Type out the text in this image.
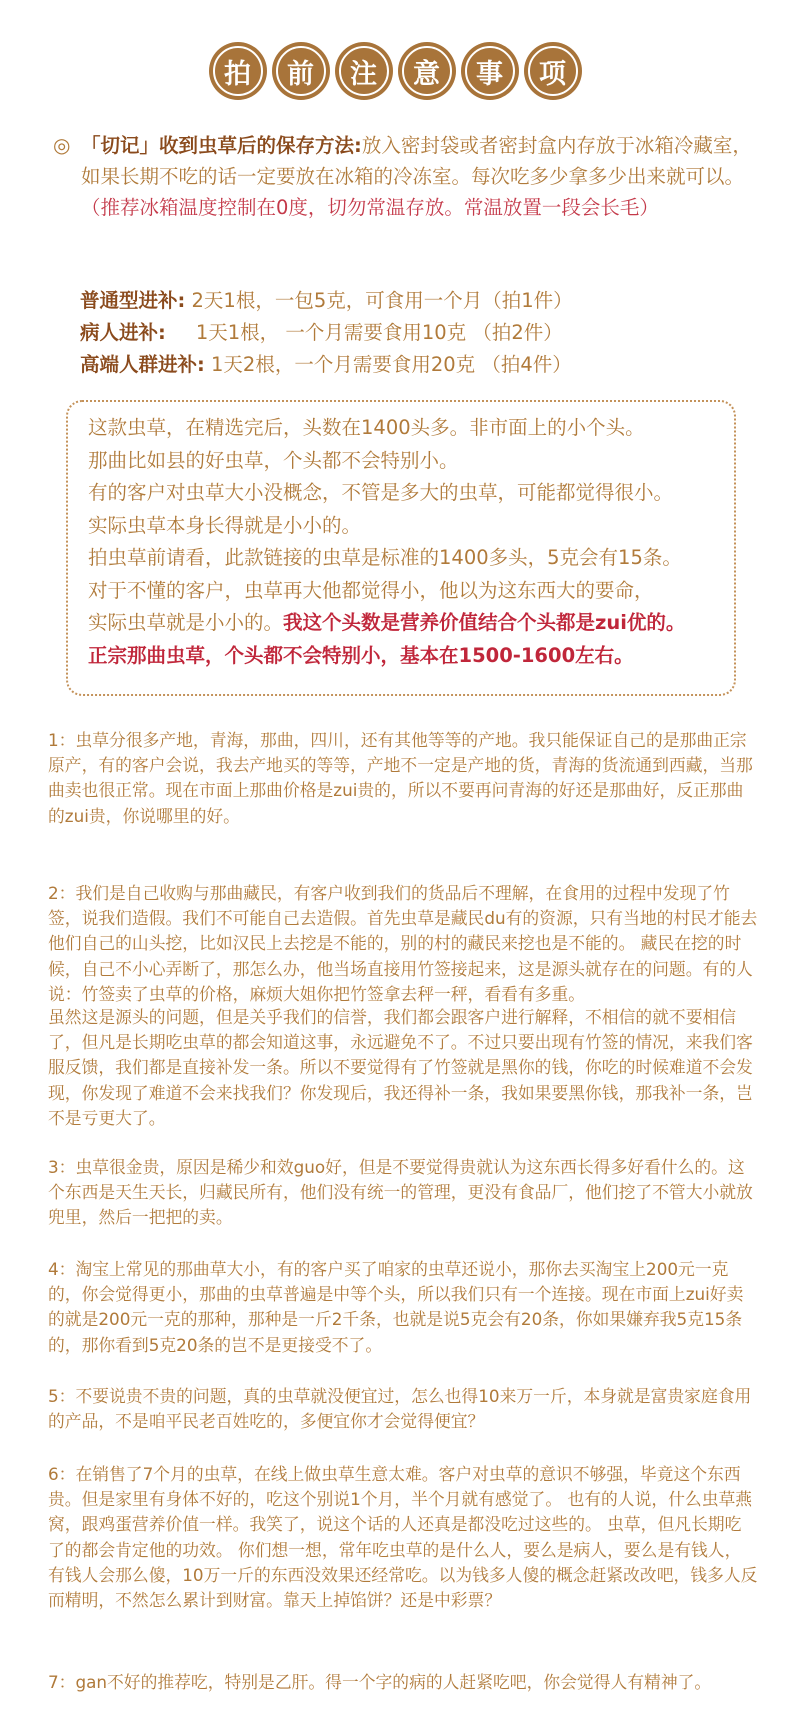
拍	前	注	意	事	项
◎ 「切记」收到虫草后的保存方法:放入密封袋或者密封盒内存放于冰箱冷藏室，如果长期不吃的话一定要放在冰箱的冷冻室。每次吃多少拿多少出来就可以。（推荐冰箱温度控制在0度，切勿常温存放。常温放置一段会长毛）
普通型进补: 2天1根，一包5克，可食用一个月（拍1件）
病人进补: 1天1根， 一个月需要食用10克 （拍2件）
高端人群进补: 1天2根，一个月需要食用20克 （拍4件）
这款虫草，在精选完后，头数在1400头多。非市面上的小个头。
那曲比如县的好虫草，个头都不会特别小。
有的客户对虫草大小没概念，不管是多大的虫草，可能都觉得很小。
实际虫草本身长得就是小小的。
拍虫草前请看，此款链接的虫草是标准的1400多头，5克会有15条。
对于不懂的客户，虫草再大他都觉得小，他以为这东西大的要命，
实际虫草就是小小的。我这个头数是营养价值结合个头都是zui优的。
正宗那曲虫草，个头都不会特别小，基本在1500-1600左右。
1：虫草分很多产地，青海，那曲，四川，还有其他等等的产地。我只能保证自己的是那曲正宗原产，有的客户会说，我去产地买的等等，产地不一定是产地的货，青海的货流通到西藏，当那曲卖也很正常。现在市面上那曲价格是zui贵的，所以不要再问青海的好还是那曲好，反正那曲的zui贵，你说哪里的好。
2：我们是自己收购与那曲藏民，有客户收到我们的货品后不理解，在食用的过程中发现了竹签，说我们造假。我们不可能自己去造假。首先虫草是藏民du有的资源，只有当地的村民才能去他们自己的山头挖，比如汉民上去挖是不能的，别的村的藏民来挖也是不能的。 藏民在挖的时候，自己不小心弄断了，那怎么办，他当场直接用竹签接起来，这是源头就存在的问题。有的人说：竹签卖了虫草的价格，麻烦大姐你把竹签拿去秤一秤，看看有多重。
虽然这是源头的问题，但是关乎我们的信誉，我们都会跟客户进行解释，不相信的就不要相信了，但凡是长期吃虫草的都会知道这事，永远避免不了。不过只要出现有竹签的情况，来我们客服反馈，我们都是直接补发一条。所以不要觉得有了竹签就是黑你的钱，你吃的时候难道不会发现，你发现了难道不会来找我们？你发现后，我还得补一条，我如果要黑你钱，那我补一条，岂不是亏更大了。
3：虫草很金贵，原因是稀少和效guo好，但是不要觉得贵就认为这东西长得多好看什么的。这个东西是天生天长，归藏民所有，他们没有统一的管理，更没有食品厂，他们挖了不管大小就放兜里，然后一把把的卖。
4：淘宝上常见的那曲草大小，有的客户买了咱家的虫草还说小，那你去买淘宝上200元一克的，你会觉得更小，那曲的虫草普遍是中等个头，所以我们只有一个连接。现在市面上zui好卖的就是200元一克的那种，那种是一斤2千条，也就是说5克会有20条，你如果嫌弃我5克15条的，那你看到5克20条的岂不是更接受不了。
5：不要说贵不贵的问题，真的虫草就没便宜过，怎么也得10来万一斤，本身就是富贵家庭食用的产品，不是咱平民老百姓吃的，多便宜你才会觉得便宜？
6：在销售了7个月的虫草，在线上做虫草生意太难。客户对虫草的意识不够强，毕竟这个东西贵。但是家里有身体不好的，吃这个别说1个月，半个月就有感觉了。 也有的人说，什么虫草燕窝，跟鸡蛋营养价值一样。我笑了，说这个话的人还真是都没吃过这些的。 虫草，但凡长期吃了的都会肯定他的功效。 你们想一想，常年吃虫草的是什么人，要么是病人，要么是有钱人，有钱人会那么傻，10万一斤的东西没效果还经常吃。以为钱多人傻的概念赶紧改改吧，钱多人反而精明，不然怎么累计到财富。靠天上掉馅饼？还是中彩票？
7：gan不好的推荐吃，特别是乙肝。得一个字的病的人赶紧吃吧，你会觉得人有精神了。
